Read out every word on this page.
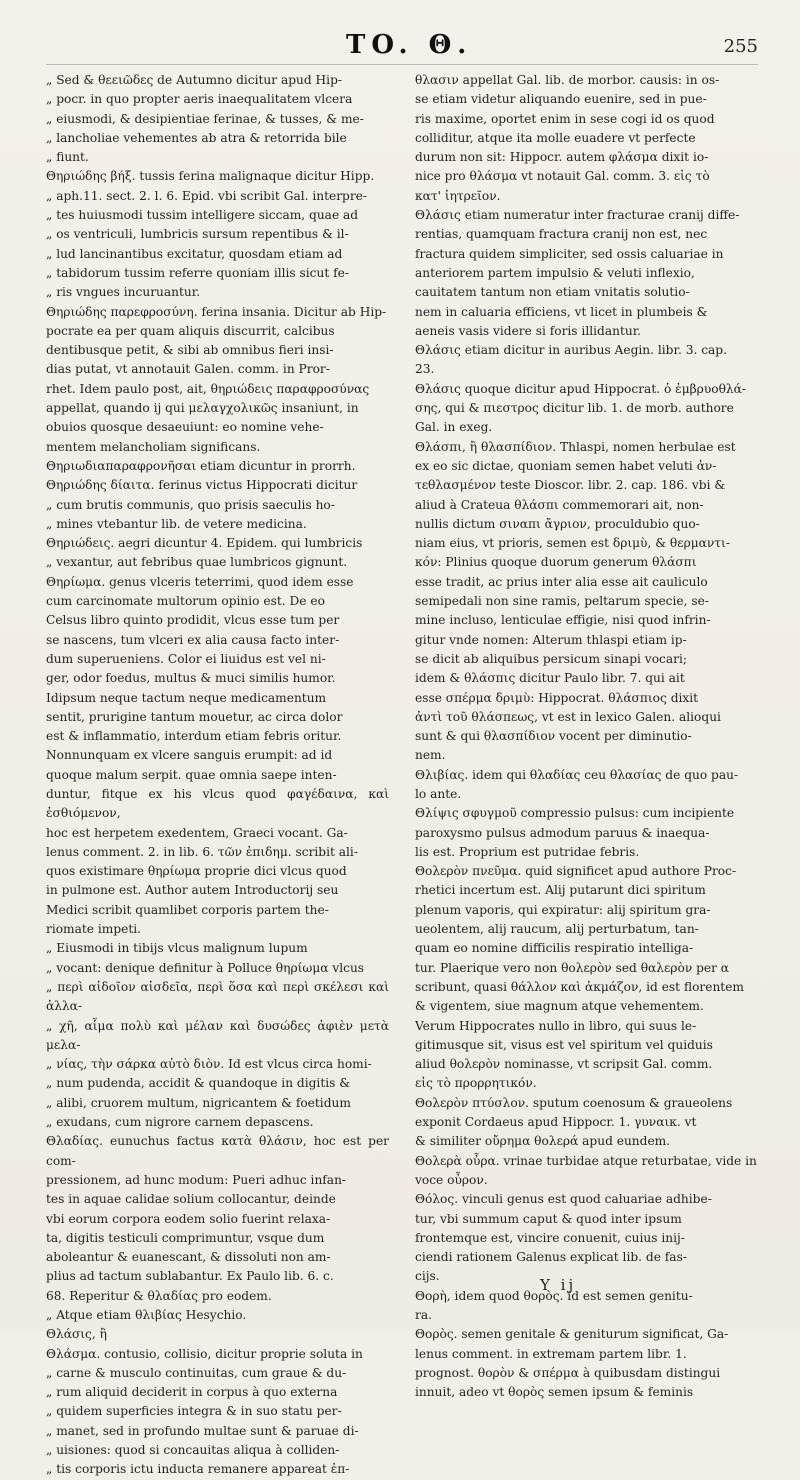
TO. Θ.	255

„ Sed & θεειῶδες de Autumno dicitur apud Hip-

„ pocr. in quo propter aeris inaequalitatem vlcera

„ eiusmodi, & desipientiae ferinae, & tusses, & me-

„ lancholiae vehementes ab atra & retorrida bile

„ fiunt.

Θηριώδης βήξ. tussis ferina malignaque dicitur Hipp.

„ aph.11. sect. 2. l. 6. Epid. vbi scribit Gal. interpre-

„ tes huiusmodi tussim intelligere siccam, quae ad

„ os ventriculi, lumbricis sursum repentibus & il-

„ lud lancinantibus excitatur, quosdam etiam ad

„ tabidorum tussim referre quoniam illis sicut fe-

„ ris vngues incuruantur.

Θηριώδης παρεφροσύνη. ferina insania. Dicitur ab Hip-

pocrate ea per quam aliquis discurrit, calcibus

dentibusque petit, & sibi ab omnibus fieri insi-

dias putat, vt annotauit Galen. comm. in Pror-

rhet. Idem paulo post, ait, θηριώδεις παραφροσύνας

appellat, quando ij qui μελαγχολικῶς insaniunt, in

obuios quosque desaeuiunt: eo nomine vehe-

mentem melancholiam significans.

Θηριωδιαπαραφρονῆσαι etiam dicuntur in prorrh.

Θηριώδης δίαιτα. ferinus victus Hippocrati dicitur

„ cum brutis communis, quo prisis saeculis ho-

„ mines vtebantur lib. de vetere medicina.

Θηριώδεις. aegri dicuntur 4. Epidem. qui lumbricis

„ vexantur, aut febribus quae lumbricos gignunt.

Θηρίωμα. genus vlceris teterrimi, quod idem esse

cum carcinomate multorum opinio est. De eo

Celsus libro quinto prodidit, vlcus esse tum per

se nascens, tum vlceri ex alia causa facto inter-

dum superueniens. Color ei liuidus est vel ni-

ger, odor foedus, multus & muci similis humor.

Idipsum neque tactum neque medicamentum

sentit, prurigine tantum mouetur, ac circa dolor

est & inflammatio, interdum etiam febris oritur.

Nonnunquam ex vlcere sanguis erumpit: ad id

quoque malum serpit. quae omnia saepe inten-

duntur, fitque ex his vlcus quod φαγέδαινα, καὶ ἐσθιόμενον,

hoc est herpetem exedentem, Graeci vocant. Ga-

lenus comment. 2. in lib. 6. τῶν ἐπιδημ. scribit ali-

quos existimare θηρίωμα proprie dici vlcus quod

in pulmone est. Author autem Introductorij seu

Medici scribit quamlibet corporis partem the-

riomate impeti.

„ Eiusmodi in tibijs vlcus malignum lupum

„ vocant: denique definitur à Polluce θηρίωμα vlcus

„ περὶ αἰδοῖον αἰσδεῖα, περὶ ὅσα καὶ περὶ σκέλεσι καὶ ἀλλα-

„ χῆ, αἷμα πολὺ καὶ μέλαν καὶ δυσώδες ἀφιὲν μετὰ μελα-

„ νίας, τὴν σάρκα αὐτὸ διὸν. Id est vlcus circa homi-

„ num pudenda, accidit & quandoque in digitis &

„ alibi, cruorem multum, nigricantem & foetidum

„ exudans, cum nigrore carnem depascens.

Θλαδίας. eunuchus factus κατὰ θλάσιν, hoc est per com-

pressionem, ad hunc modum: Pueri adhuc infan-

tes in aquae calidae solium collocantur, deinde

vbi eorum corpora eodem solio fuerint relaxa-

ta, digitis testiculi comprimuntur, vsque dum

aboleantur & euanescant, & dissoluti non am-

plius ad tactum sublabantur. Ex Paulo lib. 6. c.

68. Reperitur & θλαδίας pro eodem.

„ Atque etiam θλιβίας Hesychio.

Θλάσις, ἢ

Θλάσμα. contusio, collisio, dicitur proprie soluta in

„ carne & musculo continuitas, cum graue & du-

„ rum aliquid deciderit in corpus à quo externa

„ quidem superficies integra & in suo statu per-

„ manet, sed in profundo multae sunt & paruae di-

„ uisiones: quod si concauitas aliqua à colliden-

„ tis corporis ictu inducta remanere appareat ἐπ-

θλασιν appellat Gal. lib. de morbor. causis: in os-

se etiam videtur aliquando euenire, sed in pue-

ris maxime, oportet enim in sese cogi id os quod

colliditur, atque ita molle euadere vt perfecte

durum non sit: Hippocr. autem φλάσμα dixit io-

nice pro θλάσμα vt notauit Gal. comm. 3. εἰς τὸ

κατ' ἰητρεῖον.

Θλάσις etiam numeratur inter fracturae cranij diffe-

rentias, quamquam fractura cranij non est, nec

fractura quidem simpliciter, sed ossis caluariae in

anteriorem partem impulsio & veluti inflexio,

cauitatem tantum non etiam vnitatis solutio-

nem in caluaria efficiens, vt licet in plumbeis &

aeneis vasis videre si foris illidantur.

Θλάσις etiam dicitur in auribus Aegin. libr. 3. cap.

23.

Θλάσις quoque dicitur apud Hippocrat. ὁ ἐμβρυοθλά-

σης, qui & πιεστρος dicitur lib. 1. de morb. authore

Gal. in exeg.

Θλάσπι, ἢ θλασπίδιον. Thlaspi, nomen herbulae est

ex eo sic dictae, quoniam semen habet veluti ἀν-

τεθλασμένον teste Dioscor. libr. 2. cap. 186. vbi &

aliud à Crateua θλάσπι commemorari ait, non-

nullis dictum σιναπι ἄγριον, proculdubio quo-

niam eius, vt prioris, semen est δριμὺ, & θερμαντι-

κόν: Plinius quoque duorum generum θλάσπι

esse tradit, ac prius inter alia esse ait cauliculo

semipedali non sine ramis, peltarum specie, se-

mine incluso, lenticulae effigie, nisi quod infrin-

gitur vnde nomen: Alterum thlaspi etiam ip-

se dicit ab aliquibus persicum sinapi vocari;

idem & θλάσπις dicitur Paulo libr. 7. qui ait

esse σπέρμα δριμὺ: Hippocrat. θλάσπιος dixit

ἀντὶ τοῦ θλάσπεως, vt est in lexico Galen. alioqui

sunt & qui θλασπίδιον vocent per diminutio-

nem.

Θλιβίας. idem qui θλαδίας ceu θλασίας de quo pau-

lo ante.

Θλίψις σφυγμοῦ compressio pulsus: cum incipiente

paroxysmo pulsus admodum paruus & inaequa-

lis est. Proprium est putridae febris.

Θολερὸν πνεῦμα. quid significet apud authore Proc-

rhetici incertum est. Alij putarunt dici spiritum

plenum vaporis, qui expiratur: alij spiritum gra-

ueolentem, alij raucum, alij perturbatum, tan-

quam eo nomine difficilis respiratio intelliga-

tur. Plaerique vero non θολερὸν sed θαλερὸν per α

scribunt, quasi θάλλον καὶ ἀκμάζον, id est florentem

& vigentem, siue magnum atque vehementem.

Verum Hippocrates nullo in libro, qui suus le-

gitimusque sit, visus est vel spiritum vel quiduis

aliud θολερὸν nominasse, vt scripsit Gal. comm.

εἰς τὸ προρρητικόν.

Θολερὸν πτύσλον. sputum coenosum & graueolens

exponit Cordaeus apud Hippocr. 1. γυναικ. vt

& similiter οὔρημα θολερά apud eundem.

Θολερὰ οὖρα. vrinae turbidae atque returbatae, vide in

voce οὖρον.

Θόλος. vinculi genus est quod caluariae adhibe-

tur, vbi summum caput & quod inter ipsum

frontemque est, vincire conuenit, cuius inij-

ciendi rationem Galenus explicat lib. de fas-

cijs.

Θορὴ, idem quod θορὸς. id est semen genitu-

ra.

Θορὸς. semen genitale & geniturum significat, Ga-

lenus comment. in extremam partem libr. 1.

prognost. θορὸν & σπέρμα à quibusdam distingui

innuit, adeo vt θορὸς semen ipsum & feminis

Y ij
